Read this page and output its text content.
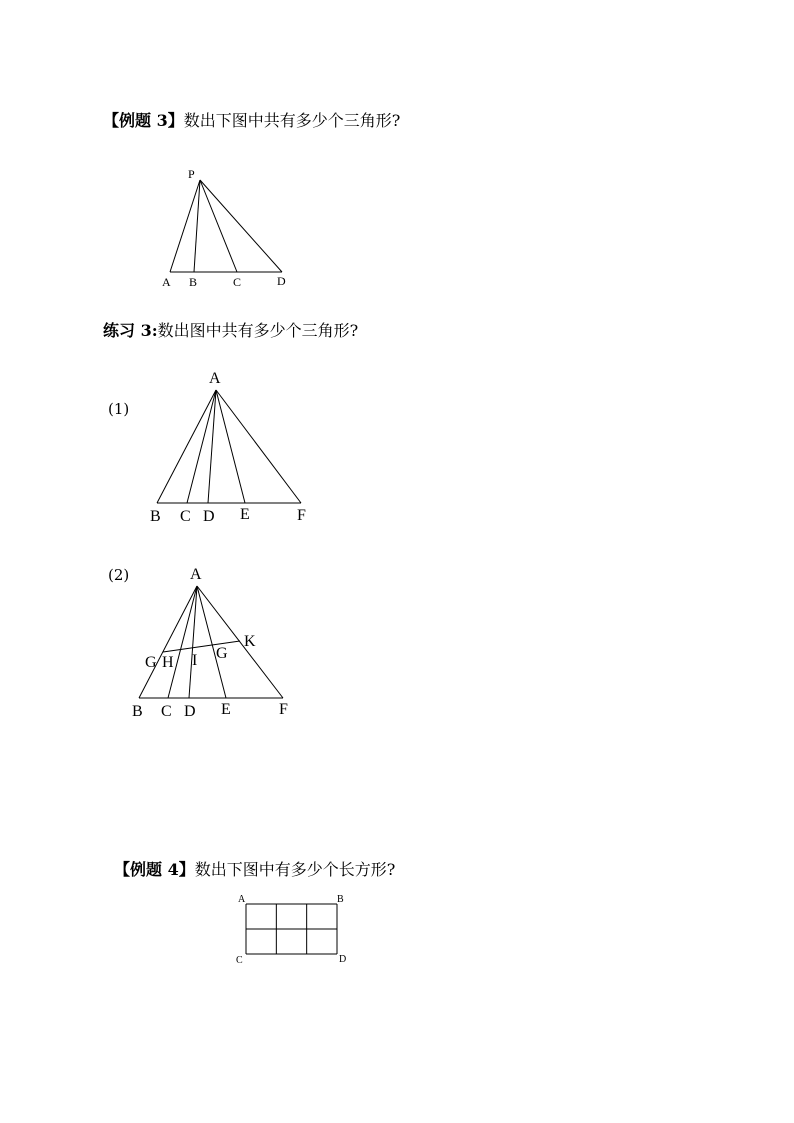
【例题 3】数出下图中共有多少个三角形?
P
A B	C	D
练习 3:数出图中共有多少个三角形?
(1)
A
B C D E	F
(2)	A
B C D E	F
G H I G
K
【例题 4】数出下图中有多少个长方形?
A	B
C	D
